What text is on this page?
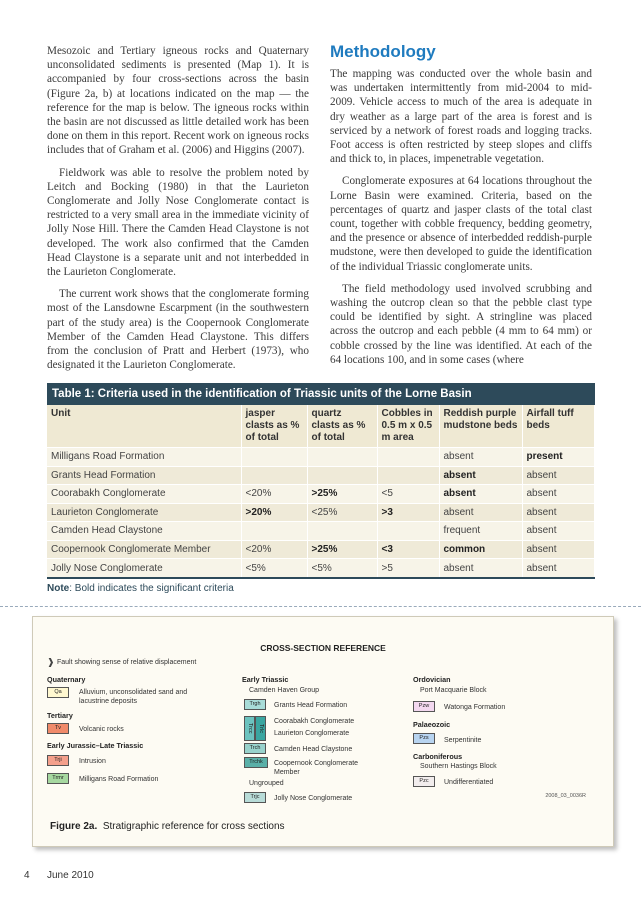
Mesozoic and Tertiary igneous rocks and Quaternary unconsolidated sediments is presented (Map 1). It is accompanied by four cross-sections across the basin (Figure 2a, b) at locations indicated on the map — the reference for the map is below. The igneous rocks within the basin are not discussed as little detailed work has been done on them in this report. Recent work on igneous rocks includes that of Graham et al. (2006) and Higgins (2007).

Fieldwork was able to resolve the problem noted by Leitch and Bocking (1980) in that the Laurieton Conglomerate and Jolly Nose Conglomerate contact is restricted to a very small area in the immediate vicinity of Jolly Nose Hill. There the Camden Head Claystone is not developed. The work also confirmed that the Camden Head Claystone is a separate unit and not interbedded in the Laurieton Conglomerate.

The current work shows that the conglomerate forming most of the Lansdowne Escarpment (in the southwestern part of the study area) is the Coopernook Conglomerate Member of the Camden Head Claystone. This differs from the conclusion of Pratt and Herbert (1973), who designated it the Laurieton Conglomerate.

Methodology

The mapping was conducted over the whole basin and was undertaken intermittently from mid-2004 to mid-2009. Vehicle access to much of the area is adequate in dry weather as a large part of the area is forest and is serviced by a network of forest roads and logging tracks. Foot access is often restricted by steep slopes and cliffs and thick to, in places, impenetrable vegetation.

Conglomerate exposures at 64 locations throughout the Lorne Basin were examined. Criteria, based on the percentages of quartz and jasper clasts of the total clast count, together with cobble frequency, bedding geometry, and the presence or absence of interbedded reddish-purple mudstone, were then developed to guide the identification of the individual Triassic conglomerate units.

The field methodology used involved scrubbing and washing the outcrop clean so that the pebble clast type could be identified by sight. A stringline was placed across the outcrop and each pebble (4 mm to 64 mm) or cobble crossed by the line was identified. At each of the 64 locations 100, and in some cases (where

Table 1: Criteria used in the identification of Triassic units of the Lorne Basin
Unit	jasper clasts as % of total	quartz clasts as % of total	Cobbles in 0.5 m x 0.5 m area	Reddish purple mudstone beds	Airfall tuff beds
Milligans Road Formation				absent	present
Grants Head Formation				absent	absent
Coorabakh Conglomerate	<20%	>25%	<5	absent	absent
Laurieton Conglomerate	>20%	<25%	>3	absent	absent
Camden Head Claystone				frequent	absent
Coopernook Conglomerate Member	<20%	>25%	<3	common	absent
Jolly Nose Conglomerate	<5%	<5%	>5	absent	absent
Note: Bold indicates the significant criteria
CROSS-SECTION REFERENCE
❱ Fault showing sense of relative displacement
Quaternary
Qa	Alluvium, unconsolidated sand and lacustrine deposits
Tertiary
Tv	Volcanic rocks
Early Jurassic–Late Triassic
Trji	Intrusion
Trmr	Milligans Road Formation
Early Triassic
Camden Haven Group
Trgh	Grants Head Formation
Trcc Trlc
Coorabakh Conglomerate
Laurieton Conglomerate
Trch	Camden Head Claystone
Trchk	Coopernook Conglomerate Member
Ungrouped
Trjc	Jolly Nose Conglomerate
Ordovician
Port Macquarie Block
Pzw	Watonga Formation
Palaeozoic
Pzs	Serpentinite
Carboniferous
Southern Hastings Block
Pzc	Undifferentiated
2008_03_0036R
Figure 2a. Stratigraphic reference for cross sections
4 June 2010
